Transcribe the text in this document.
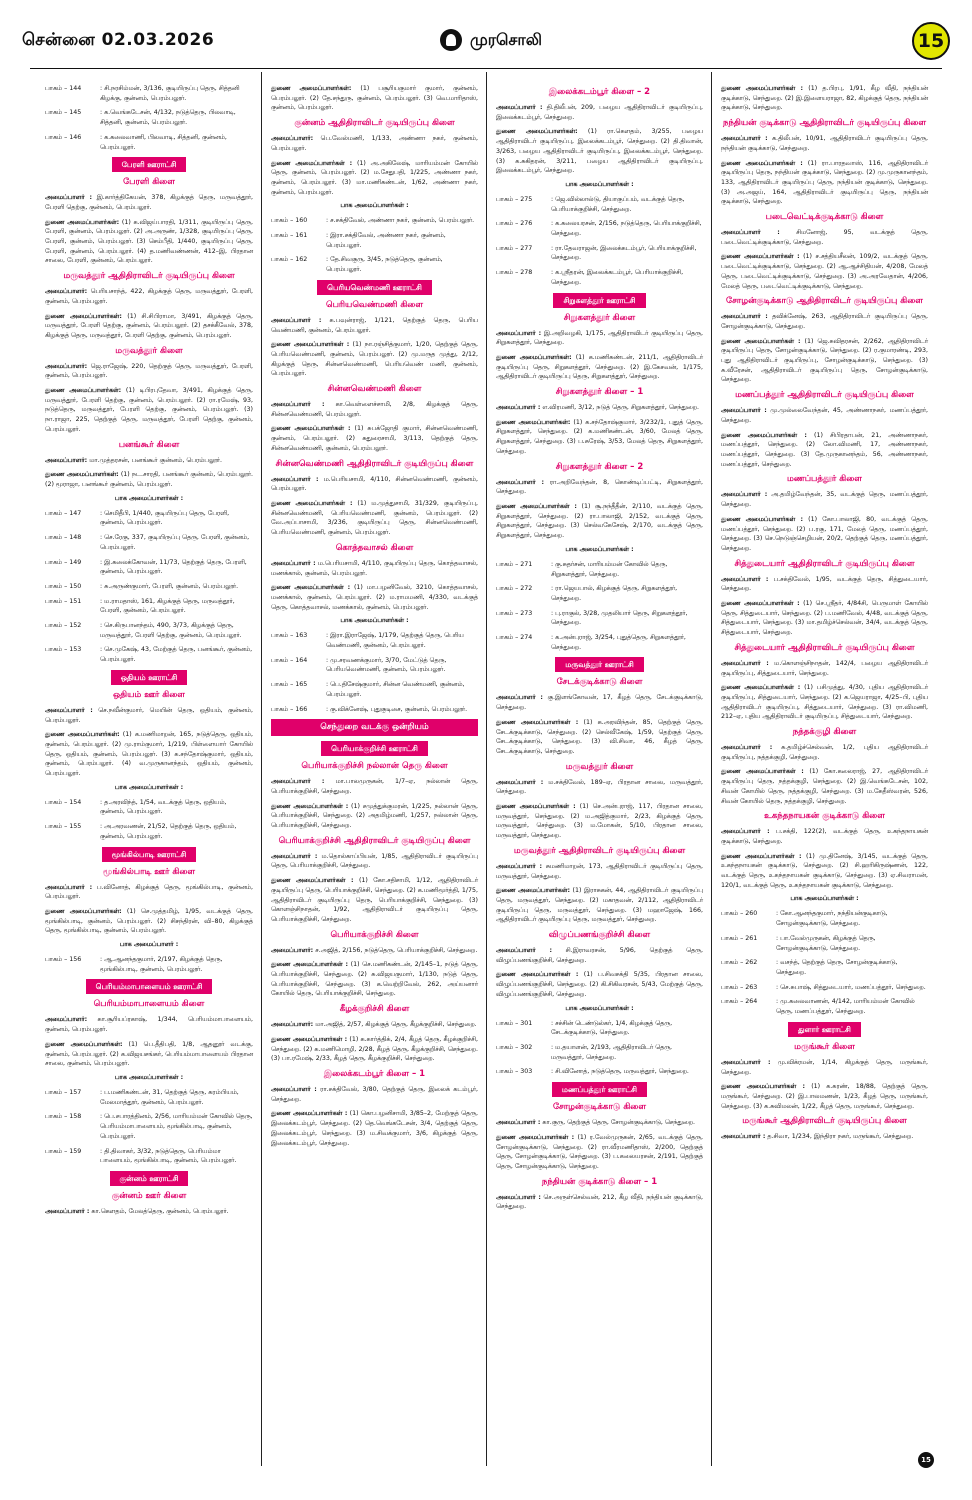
சென்னை 02.03.2026	முரசொலி	15
பாகம் – 144	: சி.நரசிம்மன், 3/136, குடியிருப்பு தெரு, சித்தனி கிழக்கு, குன்னம், பெரம்பலூர்.
பாகம் – 145	: க.வெங்கடேசன், 4/132, நடுத்தெரு, பிலவாடி, சித்தனி, குன்னம், பெரம்பலூர்.
பாகம் – 146	: க.கலைவாணி, பிலவாடி, சித்தனி, குன்னம், பெரம்பலூர்.
பேரளி ஊராட்சி
பேரளி கிளை
அமைப்பாளர் : இ.கார்த்திகேயன், 378, கிழக்குத் தெரு, மருவத்தூர், பேரளி தெற்கு, குன்னம், பெரம்பலூர்.
துணை அமைப்பாளர்கள்: (1) க.விஜய்பாரதி, 1/311, குடியிருப்பு தெரு, பேரளி, குன்னம், பெரம்பலூர். (2) அ.அருண், 1/328, குடியிருப்பு தெரு, பேரளி, குன்னம், பெரம்பலூர். (3) செம்பீதி, 1/440, குடியிருப்பு தெரு, பேரளி, குன்னம், பெரம்பலூர். (4) த.மணிவண்ணன், 412–இ, பிரதான சாலை, பேரளி, குன்னம், பெரம்பலூர்.
மருவத்தூர் ஆதிதிராவிடர் குடியிருப்பு கிளை
அமைப்பாளர்: பெரியசாந்த், 422, கிழக்குத் தெரு, மருவத்தூர், பேரளி, குன்னம், பெரம்பலூர்.
துணை அமைப்பாளர்கள்: (1) சி.சிபிராமா, 3/491, கிழக்குத் தெரு, மருவத்தூர், பேரளி தெற்கு, குன்னம், பெரம்பலூர். (2) தசக்கீவேல், 378, கிழக்குத் தெரு, மருவத்தூர், பேரளி தெற்கு, குன்னம், பெரம்பலூர்.
மருவத்தூர் கிளை
அமைப்பாளர்: ஜெ.ராஜேஷ், 220, தெற்குத் தெரு, மருவத்தூர், பேரளி, குன்னம், பெரம்பலூர்.
துணை அமைப்பாளர்கள்: (1) டிபிரபுதேவா, 3/491, கிழக்குத் தெரு, மருவத்தூர், பேரளி தெற்கு, குன்னம், பெரம்பலூர். (2) ரா.ரமேஷ், 93, நடுத்தெரு, மருவத்தூர், பேரளி தெற்கு, குன்னம், பெரம்பலூர். (3) நா.ராஜா, 225, தெற்குத் தெரு, மருவத்தூர், பேரளி தெற்கு, குன்னம், பெரம்பலூர்.
பனங்கூர் கிளை
அமைப்பாளர்: மா.முத்தரசன், பனங்கூர் குன்னம், பெரம்பலூர்.
துணை அமைப்பாளர்கள்: (1) நட.சாரதி, பனங்கூர் குன்னம், பெரம்பலூர். (2) மூராஜா, பனங்கூர் குன்னம், பெரம்பலூர்.
பாக அமைப்பாளர்கள் :
பாகம் – 147	: செமிதீபி, 1/440, குடியிருப்பு தெரு, பேரளி, குன்னம், பெரம்பலூர்.
பாகம் – 148	: செ.ரேகு, 337, குடியிருப்பு தெரு, பேரளி, குன்னம், பெரம்பலூர்.
பாகம் – 149	: இ.கலைக்கோவன், 11/73, தெற்குத் தெரு, பேரளி, குன்னம், பெரம்பலூர்.
பாகம் – 150	: சு.அருண்குமார், பேரளி, குன்னம், பெரம்பலூர்.
பாகம் – 151	: ம.ராமதாஸ், 161, கிழக்குத் தெரு, மருவத்தூர், பேரளி, குன்னம், பெரம்பலூர்.
பாகம் – 152	: செ.கிருபானந்தம், 490, 3/73, கிழக்குத் தெரு, மருவத்தூர், பேரளி தெற்கு, குன்னம், பெரம்பலூர்.
பாகம் – 153	: செ.முகேஷ், 43, மேற்குத் தெரு, பனங்கூர், குன்னம், பெரம்பலூர்.
ஒதியம் ஊராட்சி
ஒதியம் ஊர் கிளை
அமைப்பாளர் : செ.நவீன்குமார், மெயின் தெரு, ஒதியம், குன்னம், பெரம்பலூர்.
துணை அமைப்பாளர்கள்: (1) க.மணிமாறன், 165, நடுத்தெரு, ஒதியம், குன்னம், பெரம்பலூர். (2) மு.ராம்குமார், 1/219, பிள்ளையார் கோயில் தெரு, ஒதியம், குன்னம், பெரம்பலூர். (3) க.சந்தோஷ்குமார், ஒதியம், குன்னம், பெரம்பலூர். (4) வ.முருகானந்தம், ஒதியம், குன்னம், பெரம்பலூர்.
பாக அமைப்பாளர்கள் :
பாகம் – 154	: த.அரவிந்த், 1/54, வடக்குத் தெரு, ஒதியம், குன்னம், பெரம்பலூர்.
பாகம் – 155	: அ.அரவணன், 21/52, தெற்குத் தெரு, ஒதியம், குன்னம், பெரம்பலூர்.
மூங்கில்பாடி ஊராட்சி
மூங்கில்பாடி ஊர் கிளை
அமைப்பாளர் : ப.வினோத், கிழக்குத் தெரு, மூங்கில்பாடி, குன்னம், பெரம்பலூர்.
துணை அமைப்பாளர்கள்: (1) செ.முத்தமிழ், 1/95, வடக்குத் தெரு, மூங்கில்பாடி, குன்னம், பெரம்பலூர். (2) சிசந்திரன், வி–80, கிழக்குத் தெரு, மூங்கில்பாடி, குன்னம், பெரம்பலூர்.
பாக அமைப்பாளர் :
பாகம் – 156	: ஆ.ஆனந்தகுமார், 2/197, கிழக்குத் தெரு, மூங்கில்பாடி, குன்னம், பெரம்பலூர்.
பெரியம்மாபாளையம் ஊராட்சி
பெரியம்மாபாளையம் கிளை
அமைப்பாளர்: கா.சூரியப்ரகாஷ், 1/344, பெரியம்மாபாளையம், குன்னம், பெரம்பலூர்.
துணை அமைப்பாளர்கள்: (1) பெ.தீதிபதி, 1/8, ஆதனூர் வடக்கு, குன்னம், பெரம்பலூர். (2) க.விஜயசங்கர், பெரியம்மாபாளையம் பிரதான சாலை, குன்னம், பெரம்பலூர்.
பாக அமைப்பாளர்கள் :
பாகம் – 157	: ப.மணிகண்டன், 31, தெற்குத் தெரு, கரம்பியம், மேலமாத்தூர், குன்னம், பெரம்பலூர்.
பாகம் – 158	: பெ.சபாரத்தினம், 2/56, மாரியம்மன் கோவில் தெரு, பெரியம்மாபாளையம், மூங்கில்பாடி, குன்னம், பெரம்பலூர்.
பாகம் – 159	: தி.திவாகர், 3/32, நடுத்தெரு, பெரியம்மா பாளையம், மூங்கில்பாடி, குன்னம், பெரம்பலூர்.
குன்னம் ஊராட்சி
குன்னம் ஊர் கிளை
அமைப்பாளர் : கா.கௌதம், மேலத்தெரு, குன்னம், பெரம்பலூர்.
துணை அமைப்பாளர்கள்: (1) பசூரியகுமார் குமார், குன்னம், பெரம்பலூர். (2) தே.சந்துரு, குன்னம், பெரம்பலூர். (3) வெ.மாரிதாஸ், குன்னம், பெரம்பலூர்.
குன்னம் ஆதிதிராவிடர் குடியிருப்பு கிளை
அமைப்பாளர்: பெ.வேல்மணி, 1/133, அண்ணா நகர், குன்னம், பெரம்பலூர்.
துணை அமைப்பாளர்கள் : (1) அ.அகிலேஷ், மாரியம்மன் கோயில் தெரு, குன்னம், பெரம்பலூர். (2) ம.சேதுபதி, 1/225, அண்ணா நகர், குன்னம், பெரம்பலூர். (3) மா.மணிகண்டன், 1/62, அண்ணா நகர், குன்னம், பெரம்பலூர்.
பாக அமைப்பாளர்கள் :
பாகம் – 160	: ச.சக்திவேல், அண்ணா நகர், குன்னம், பெரம்பலூர்.
பாகம் – 161	: இரா.சக்திவேல், அண்ணா நகர், குன்னம், பெரம்பலூர்.
பாகம் – 162	: தே.சிவகுரு, 3/45, நடுத்தெரு, குன்னம், பெரம்பலூர்.
பெரியவெண்மணி ஊராட்சி
பெரியவெண்மணி கிளை
அமைப்பாளர் : க.பவுன்ராஜ், 1/121, தெற்குத் தெரு, பெரிய வெண்மணி, குன்னம், பெரம்பலூர்.
துணை அமைப்பாளர்கள் : (1) நா.ரஞ்சித்குமார், 1/20, தெற்குத் தெரு, பெரியவெண்மணி, குன்னம், பெரம்பலூர். (2) மு.மருத முத்து, 2/12, கிழக்குத் தெரு, சின்னவெண்மணி, பெரியவெண் மணி, குன்னம், பெரம்பலூர்.
சின்னவெண்மணி கிளை
அமைப்பாளர் : கா.வெள்ளைச்சாமி, 2/8, கிழக்குத் தெரு, சின்னவெண்மணி, பெரம்பலூர்.
துணை அமைப்பாளர்கள் : (1) சுபக்ஜோதி குமார், சின்னவெண்மணி, குன்னம், பெரம்பலூர். (2) சுதுரைசாமி, 3/113, தெற்குத் தெரு, சின்னவெண்மணி, குன்னம், பெரம்பலூர்.
சின்னவெண்மணி ஆதிதிராவிடர் குடியிருப்பு கிளை
அமைப்பாளர் : ம.பெரியசாமி, 4/110, சின்னவெண்மணி, குன்னம், பெரம்பலூர்.
துணை அமைப்பாளர்கள் : (1) ம.முத்துசாமி, 31/329, குடியிருப்பு, சின்னவெண்மணி, பெரியவெண்மணி, குன்னம், பெரம்பலூர். (2) வே.அப்பாசாமி, 3/236, குடியிருப்பு தெரு, சின்னவெண்மணி, பெரியவெண்மணி, குன்னம், பெரம்பலூர்.
கொத்தவாசல் கிளை
அமைப்பாளர் : ம.பெரியசாமி, 4/110, குடியிருப்பு தெரு, கொத்தவாசல், மணக்கால், குன்னம், பெரம்பலூர்.
துணை அமைப்பாளர்கள் : (1) மா.பழனிவேல், 3210, கொத்தவாசல், மணக்கால், குன்னம், பெரம்பலூர். (2) ம.ராமமணி, 4/330, வடக்குத் தெரு, கொத்தவாசல், மணக்கால், குன்னம், பெரம்பலூர்.
பாக அமைப்பாளர்கள் :
பாகம் – 163	: இரா.இராஜேஷ், 1/179, தெற்குத் தெரு, பெரிய வெண்மணி, குன்னம், பெரம்பலூர்.
பாகம் – 164	: மு.சரவணக்குமார், 3/70, மேட்டுத் தெரு, பெரியவெண்மணி, குன்னம், பெரம்பலூர்.
பாகம் – 165	: பெ.திசேஷ்குமார், சின்ன வெண்மணி, குன்னம், பெரம்பலூர்.
பாகம் – 166	: கு.விக்னேஷ், புதுகுடிசை, குன்னம், பெரம்பலூர்.
செந்துறை வடக்கு ஒன்றியம்
பெரியாக்குறிச்சி ஊராட்சி
பெரியாக்குறிச்சி நல்லான் தெரு கிளை
அமைப்பாளர் : மா.பாலமுருகன், 1/7–ஏ, நல்லான் தெரு, பெரியாக்குறிச்சி, செந்துறை.
துணை அமைப்பாளர்கள் : (1) சமுத்துக்குமரன், 1/225, நல்லான் தெரு, பெரியாக்குறிச்சி, செந்துறை. (2) அதமிழ்மணி, 1/257, நல்லான் தெரு, பெரியாக்குறிச்சி, செந்துறை.
பெரியாக்குறிச்சி ஆதிதிராவிடர் குடியிருப்பு கிளை
அமைப்பாளர் : ம.தொல்காப்பியன், 1/85, ஆதிதிராவிடர் குடியிருப்பு தெரு, பெரியாக்குறிச்சி, செந்துறை.
துணை அமைப்பாளர்கள் : (1) கோ.சதிசாமி, 1/12, ஆதிதிராவிடர் குடியிருப்பு தெரு, பெரியாக்குறிச்சி, செந்துறை. (2) க.மணிமூர்த்தி, 1/75, ஆதிதிராவிடர் குடியிருப்பு தெரு, பெரியாக்குறிச்சி, செந்துறை. (3) கொளஞ்சிநாதன், 1/92, ஆதிதிராவிடர் குடியிருப்பு தெரு, பெரியாக்குறிச்சி, செந்துறை.
பெரியாக்குறிச்சி கிளை
அமைப்பாளர்: ச.அஜித், 2/156, நடுத்தெரு, பெரியாக்குறிச்சி, செந்துறை.
துணை அமைப்பாளர்கள் : (1) செ.மணிகண்டன், 2/145–1, நடுத் தெரு, பெரியாக்குறிச்சி, செந்துறை. (2) சு.விஜயகுமார், 1/130, நடுத் தெரு, பெரியாக்குறிச்சி, செந்துறை. (3) க.வெற்றிவேல், 262, அய்யனார் கோயில் தெரு, பெரியாக்குறிச்சி, செந்துறை.
கீழக்குறிச்சி கிளை
அமைப்பாளர்: மா.அஜித், 2/57, கிழக்குத் தெரு, கீழக்குறிச்சி, செந்துறை.
துணை அமைப்பாளர்கள் : (1) க.கார்த்திக், 2/4, கீழத் தெரு, கீழக்குறிச்சி, செந்துறை. (2) க.மணிமொழி, 2/28, கீழத் தெரு, கீழக்குறிச்சி, செந்துறை. (3) பா.ரமேஷ், 2/33, கீழத் தெரு, கீழக்குறிச்சி, செந்துறை.
இலைக்கடம்பூர் கிளை – 1
அமைப்பாளர் : ரா.சக்திவேல், 3/80, தெற்குத் தெரு, இலைக் கடம்பூர், செந்துறை.
துணை அமைப்பாளர்கள் : (1) கொ.பழனிசாமி, 3/85–2, மேற்குத் தெரு, இலைக்கடம்பூர், செந்துறை. (2) தெ.வெங்கடேசன், 3/4, தெற்குத் தெரு, இலைக்கடம்பூர், செந்துறை. (3) ம.சிவக்குமார், 3/6, கிழக்குத் தெரு, இலைக்கடம்பூர், செந்துறை.
இலைக்கடம்பூர் கிளை – 2
அமைப்பாளர் : தி.திலீபன், 209, பழைய ஆதிதிராவிடர் குடியிருப்பு, இலைக்கடம்பூர், செந்துறை.
துணை அமைப்பாளர்கள்: (1) ரா.கௌதம், 3/255, பழைய ஆதிதிராவிடர் குடியிருப்பு, இலைக்கடம்பூர், செந்துறை. (2) தி.திவான், 3/263, பழைய ஆதிதிராவிடர் குடியிருப்பு, இலைக்கடம்பூர், செந்துறை. (3) க.சுகிதரன், 3/211, பழைய ஆதிதிராவிடர் குடியிருப்பு, இலைக்கடம்பூர், செந்துறை.
பாக அமைப்பாளர்கள் :
பாகம் – 275	: ஜெ.வில்லால்டு, தியாகுப்பம், வடக்குத் தெரு, பெரியாக்குறிச்சி, செந்துறை.
பாகம் – 276	: க.கலையரசன், 2/156, நடுத்தெரு, பெரியாக்குறிச்சி, செந்துறை.
பாகம் – 277	: ரா.தேவராஜன், இலைக்கடம்பூர், பெரியாக்குறிச்சி, செந்துறை.
பாகம் – 278	: க.ஸ்ரீதரன், இலைக்கடம்பூர், பெரியாக்குறிச்சி, செந்துறை.
சிறுகளத்தூர் ஊராட்சி
சிறுகளத்தூர் கிளை
அமைப்பாளர் : இ.அறிவழகி, 1/175, ஆதிதிராவிடர் குடியிருப்பு தெரு, சிறுகளத்தூர், செந்துறை.
துணை அமைப்பாளர்கள்: (1) க.மணிகண்டன், 211/1, ஆதிதிராவிடர் குடியிருப்பு தெரு, சிறுகளத்தூர், செந்துறை. (2) இ.கேசவன், 1/175, ஆதிதிராவிடர் குடியிருப்பு தெரு, சிறுகளத்தூர், செந்துறை.
சிறுகளத்தூர் கிளை – 1
அமைப்பாளர் : எ.விரமணி, 3/12, நடுத் தெரு, சிறுகளத்தூர், செந்துறை.
துணை அமைப்பாளர்கள்: (1) க.சந்தோஷ்குமார், 3/232/1, புதுத் தெரு, சிறுகளத்தூர், செந்துறை. (2) க.மணிகண்டன், 3/60, மேலத் தெரு, சிறுகளத்தூர், செந்துறை. (3) ப.சுரேஷ், 3/53, மேலத் தெரு, சிறுகளத்தூர், செந்துறை.
சிறுகளத்தூர் கிளை – 2
அமைப்பாளர் : ரா.அறிவேந்தன், 8, கொண்டிப்பட்டி, சிறுகளத்தூர், செந்துறை.
துணை அமைப்பாளர்கள் : (1) சூ.நந்தீதீன், 2/110, வடக்குத் தெரு, சிறுகளத்தூர், செந்துறை. (2) ரா.பாலாஜி, 2/152, வடக்குத் தெரு, சிறுகளத்தூர், செந்துறை. (3) செல்வகேசேஷ், 2/170, வடக்குத் தெரு, சிறுகளத்தூர், செந்துறை.
பாக அமைப்பாளர்கள் :
பாகம் – 271	: கு.சுதர்சன், மாரியம்மன் கோவில் தெரு, சிறுகளத்தூர், செந்துறை.
பாகம் – 272	: ரா.ஜெயபால், கிழக்குத் தெரு, சிறுகளத்தூர், செந்துறை.
பாகம் – 273	: பு.ராகுல், 3/28, முதலியார் தெரு, சிறுகளத்தூர், செந்துறை.
பாகம் – 274	: க.அன்புராஜ், 3/254, புதுத்தெரு, சிறுகளத்தூர், செந்துறை.
மருவத்தூர் ஊராட்சி
சேடக்குடிக்காடு கிளை
அமைப்பாளர் : கு.இளங்கோவன், 17, கீழத் தெரு, சேடக்குடிக்காடு, செந்துறை.
துணை அமைப்பாளர்கள் : (1) க.அரவிந்தன், 85, தெற்குத் தெரு, சேடக்குடிக்காடு, செந்துறை. (2) செல்வீகேஷ், 1/59, தெற்குத் தெரு, சேடக்குடிக்காடு, செந்துறை. (3) வி.சிவா, 46, கீழத் தெரு, சேடக்குடிக்காடு, செந்துறை.
மருவத்தூர் கிளை
அமைப்பாளர் : ம.சக்திவேல், 189–ஏ, பிரதான சாலை, மருவத்தூர், செந்துறை.
துணை அமைப்பாளர்கள் : (1) செ.அன்புராஜ், 117, பிரதான சாலை, மருவத்தூர், செந்துறை. (2) ம.அஜித்குமார், 2/23, கிழக்குத் தெரு, மருவத்தூர், செந்துறை. (3) ம.மோகன், 5/10, பிரதான சாலை, மருவத்தூர், செந்துறை.
மருவத்தூர் ஆதிதிராவிடர் குடியிருப்பு கிளை
அமைப்பாளர் : சுமணிமாறன், 173, ஆதிதிராவிடர் குடியிருப்பு தெரு, மருவத்தூர், செந்துறை.
துணை அமைப்பாளர்கள்: (1) இராசுகன், 44, ஆதிதிராவிடர் குடியிருப்பு தெரு, மருவத்தூர், செந்துறை. (2) மகாதவன், 2/112, ஆதிதிராவிடர் குடியிருப்பு தெரு, மருவத்தூர், செந்துறை. (3) மஹாஜேஷ், 166, ஆதிதிராவிடர் குடியிருப்பு தெரு, மருவத்தூர், செந்துறை.
விழுப்பணங்குறிச்சி கிளை
அமைப்பாளர் : சி.இராவரசன், 5/96, தெற்குத் தெரு, விழுப்பணங்குறிச்சி, செந்துறை.
துணை அமைப்பாளர்கள் : (1) ப.சிவசக்தி 5/35, பிரதான சாலை, விழுப்பணங்குறிச்சி, செந்துறை. (2) கி.சிகிவரசன், 5/43, மேற்குத் தெரு, விழுப்பணங்குறிச்சி, செந்துறை.
பாக அமைப்பாளர்கள் :
பாகம் – 301	: சச்சின் டெண்டுல்கர், 1/4, கிழக்குத் தெரு, சேடக்குடிக்காடு, செந்துறை.
பாகம் – 302	: ம.தயாளன், 2/193, ஆதிதிராவிடர் தெரு, மருவத்தூர், செந்துறை.
பாகம் – 303	: சி.வினோத், நடுத்தெரு, மருவத்தூர், செந்துறை.
மணப்பத்தூர் ஊராட்சி
சோழன்குடிக்காடு கிளை
அமைப்பாளர் : கா.குரு, தெற்குத் தெரு, சோழன்குடிக்காடு, செந்துறை.
துணை அமைப்பாளர்கள் : (1) ர.வேல்முருகன், 2/65, வடக்குத் தெரு, சோழன்குடிக்காடு, செந்துறை. (2) ரா.வீரமணிதாஸ், 2/200, தெற்குத் தெரு, சோழன்குடிக்காடு, செந்துறை. (3) ப.கலையரசன், 2/191, தெற்குத் தெரு, சோழன்குடிக்காடு, செந்துறை.
நந்தியன் குடிக்காடு கிளை – 1
அமைப்பாளர் : செ.அருள்செல்வன், 212, கீழ வீதி, நந்தியன் குடிக்காடு, செந்துறை.
துணை அமைப்பாளர்கள் : (1) த.பிரபு, 1/91, கீழ வீதி, நந்தியன் குடிக்காடு, செந்துறை. (2) இ.இளையராஜா, 82, கிழக்குத் தெரு, நந்தியன் குடிக்காடு, செந்துறை.
நந்தியன் குடிக்காடு ஆதிதிராவிடர் குடியிருப்பு கிளை
அமைப்பாளர் : க.திலீபன், 10/91, ஆதிதிராவிடர் குடியிருப்பு தெரு, நந்தியன் குடிக்காடு, செந்துறை.
துணை அமைப்பாளர்கள் : (1) ரா.பாரதவாஸ், 116, ஆதிதிராவிடர் குடியிருப்பு தெரு, நந்தியன் குடிக்காடு, செந்துறை. (2) மு.முருகானந்தம், 133, ஆதிதிராவிடர் குடியிருப்பு தெரு, நந்தியன் குடிக்காடு, செந்துறை. (3) அ.அஜய், 164, ஆதிதிராவிடர் குடியிருப்பு தெரு, நந்தியன் குடிக்காடு, செந்துறை.
படைவெட்டிக்குடிக்காடு கிளை
அமைப்பாளர் :	சிமனோஜ், 95, வடக்குத் தெரு, படைவெட்டிக்குடிக்காடு, செந்துறை.
துணை அமைப்பாளர்கள் : (1) ச.சத்தியசீலன், 109/2, வடக்குத் தெரு, படைவெட்டிக்குடிக்காடு, செந்துறை. (2) ஆ.ஆச்சிதியன், 4/208, மேலத் தெரு, படைவெட்டிக்குடிக்காடு, செந்துறை. (3) அ.அரவேதான், 4/206, மேலத் தெரு, படைவெட்டிக்குடிக்காடு, செந்துறை.
சோழன்குடிக்காடு ஆதிதிராவிடர் குடியிருப்பு கிளை
அமைப்பாளர் : தவிக்னேஷ், 263, ஆதிதிராவிடர் குடியிருப்பு தெரு, சோழன்குடிக்காடு, செந்துறை.
துணை அமைப்பாளர்கள் : (1) ஜெ.சுவிதரசன், 2/262, ஆதிதிராவிடர் குடியிருப்பு தெரு, சோழன்குடிக்காடு, செந்துறை. (2) ர.குமாரண்டி, 293, புது ஆதிதிராவிடர் குடியிருப்பு, சோழன்குடிக்காடு, செந்துறை. (3) சு.வீரேசன், ஆதிதிராவிடர் குடியிருப்பு தெரு, சோழன்குடிக்காடு, செந்துறை.
மணப்பத்தூர் ஆதிதிராவிடர் குடியிருப்பு கிளை
அமைப்பாளர் : மு.முல்லைவேந்தன், 45, அண்ணாநகர், மணப்பத்தூர், செந்துறை.
துணை அமைப்பாளர்கள் : (1) சிபிரதாபன், 21, அண்ணாநகர், மணப்பத்தூர், செந்துறை. (2) லோ.விமணி, 17, அண்ணாநகர், மணப்பத்தூர், செந்துறை. (3) தே.முருகானந்தம், 56, அண்ணாநகர், மணப்பத்தூர், செந்துறை.
மணப்பத்தூர் கிளை
அமைப்பாளர் : அ.தமிழ்வேந்தன், 35, வடக்குத் தெரு, மணப்பத்தூர், செந்துறை.
துணை அமைப்பாளர்கள் : (1) கோ.பாலாஜி, 80, வடக்குத் தெரு, மணப்பத்தூர், செந்துறை. (2) ப.ரகு, 171, மேலத் தெரு, மணப்பத்தூர், செந்துறை. (3) செ.நெடுஞ்செழியன், 20/2, தெற்குத் தெரு, மணப்பத்தூர், செந்துறை.
சித்துடையார் ஆதிதிராவிடர் குடியிருப்பு கிளை
அமைப்பாளர் : ப.சக்திவேல், 1/95, வடக்குத் தெரு, சித்துடையார், செந்துறை.
துணை அமைப்பாளர்கள் : (1) செ.ஸ்ரீதர், 4/84சி, பெருமாள் கோயில் தெரு, சித்துடையார், செந்துறை. (2) ப.மணிவேல், 4/48, வடக்குத் தெரு, சித்துடையார், செந்துறை. (3) மா.தமிழ்ச்செல்வன், 34/4, வடக்குத் தெரு, சித்துடையார், செந்துறை.
சித்துடையார் ஆதிதிராவிடர் குடியிருப்பு கிளை
அமைப்பாளர் : ம.கொளஞ்சிநாதன், 142/4, பழைய ஆதிதிராவிடர் குடியிருப்பு, சித்துடையார், செந்துறை.
துணை அமைப்பாளர்கள் : (1) பசிமுத்து, 4/30, புதிய ஆதிதிராவிடர் குடியிருப்பு, சித்துடையார், செந்துறை. (2) க.ஜெயராஜா, 4/25–பி, புதிய ஆதிதிராவிடர் குடியிருப்பு, சித்துடையார், செந்துறை. (3) ரா.விமணி, 212–ஏ, புதிய ஆதிதிராவிடர் குடியிருப்பு, சித்துடையார், செந்துறை.
நத்தக்குழி கிளை
அமைப்பாளர் : சு.தமிழ்ச்செல்வன், 1/2, புதிய ஆதிதிராவிடர் குடியிருப்பு, நத்தக்குழி, செந்துறை.
துணை அமைப்பாளர்கள் : (1) கோ.கலைராஜ், 27, ஆதிதிராவிடர் குடியிருப்பு தெரு, நத்தக்குழி, செந்துறை. (2) இ.வெங்கடேசன், 102, சிவன் கோயில் தெரு, நத்தக்குழி, செந்துறை. (3) ம.கேதீஸ்வரன், 526, சிவன் கோயில் தெரு, நத்தக்குழி, செந்துறை.
உகந்தநாயகன் குடிக்காடு கிளை
அமைப்பாளர் : ப.சக்தி, 122(2), வடக்குத் தெரு, உகந்தநாயகன் குடிக்காடு, செந்துறை.
துணை அமைப்பாளர்கள் : (1) மு.தினேஷ், 3/145, வடக்குத் தெரு, உகந்தநாயகன் குடிக்காடு, செந்துறை. (2) சி.ஹரிகிருஷ்ணன், 122, வடக்குத் தெரு, உகந்தநாயகன் குடிக்காடு, செந்துறை. (3) ஏ.சிவராமன், 120/1, வடக்குத் தெரு, உகந்தநாயகன் குடிக்காடு, செந்துறை.
பாக அமைப்பாளர்கள் :
பாகம் – 260	: கோ.ஆனந்தகுமார், நந்தியன்குடிகாடு, சோழன்குடிக்காடு, செந்துறை.
பாகம் – 261	: பா.வேல்முருகன், கிழக்குத் தெரு, சோழன்குடிக்காடு, செந்துறை.
பாகம் – 262	: வசந்த், தெற்குத் தெரு, சோழன்குடிக்காடு, செந்துறை.
பாகம் – 263	: செ.சுபாஷ், சித்துடையார், மணப்பத்தூர், செந்துறை.
பாகம் – 264	: மு.கலைவாணன், 4/142, மாரியம்மன் கோவில் தெரு, மணப்பத்தூர், செந்துறை.
துளார் ஊராட்சி
மருங்கூர் கிளை
அமைப்பாளர் : மு.விக்ரமன், 1/14, கிழக்குத் தெரு, மருங்கூர், செந்துறை.
துணை அமைப்பாளர்கள் : (1) க.கரண், 18/88, தெற்குத் தெரு, மருங்கூர், செந்துறை. (2) இ.பாலமணன், 1/23, கீழத் தெரு, மருங்கூர், செந்துறை. (3) க.சுவிமலன், 1/22, கீழத் தெரு, மருங்கூர், செந்துறை.
மருங்கூர் ஆதிதிராவிடர் குடியிருப்பு கிளை
அமைப்பாளர் : த.சிவா, 1/234, இந்திரா நகர், மருங்கூர், செந்துறை.
15
